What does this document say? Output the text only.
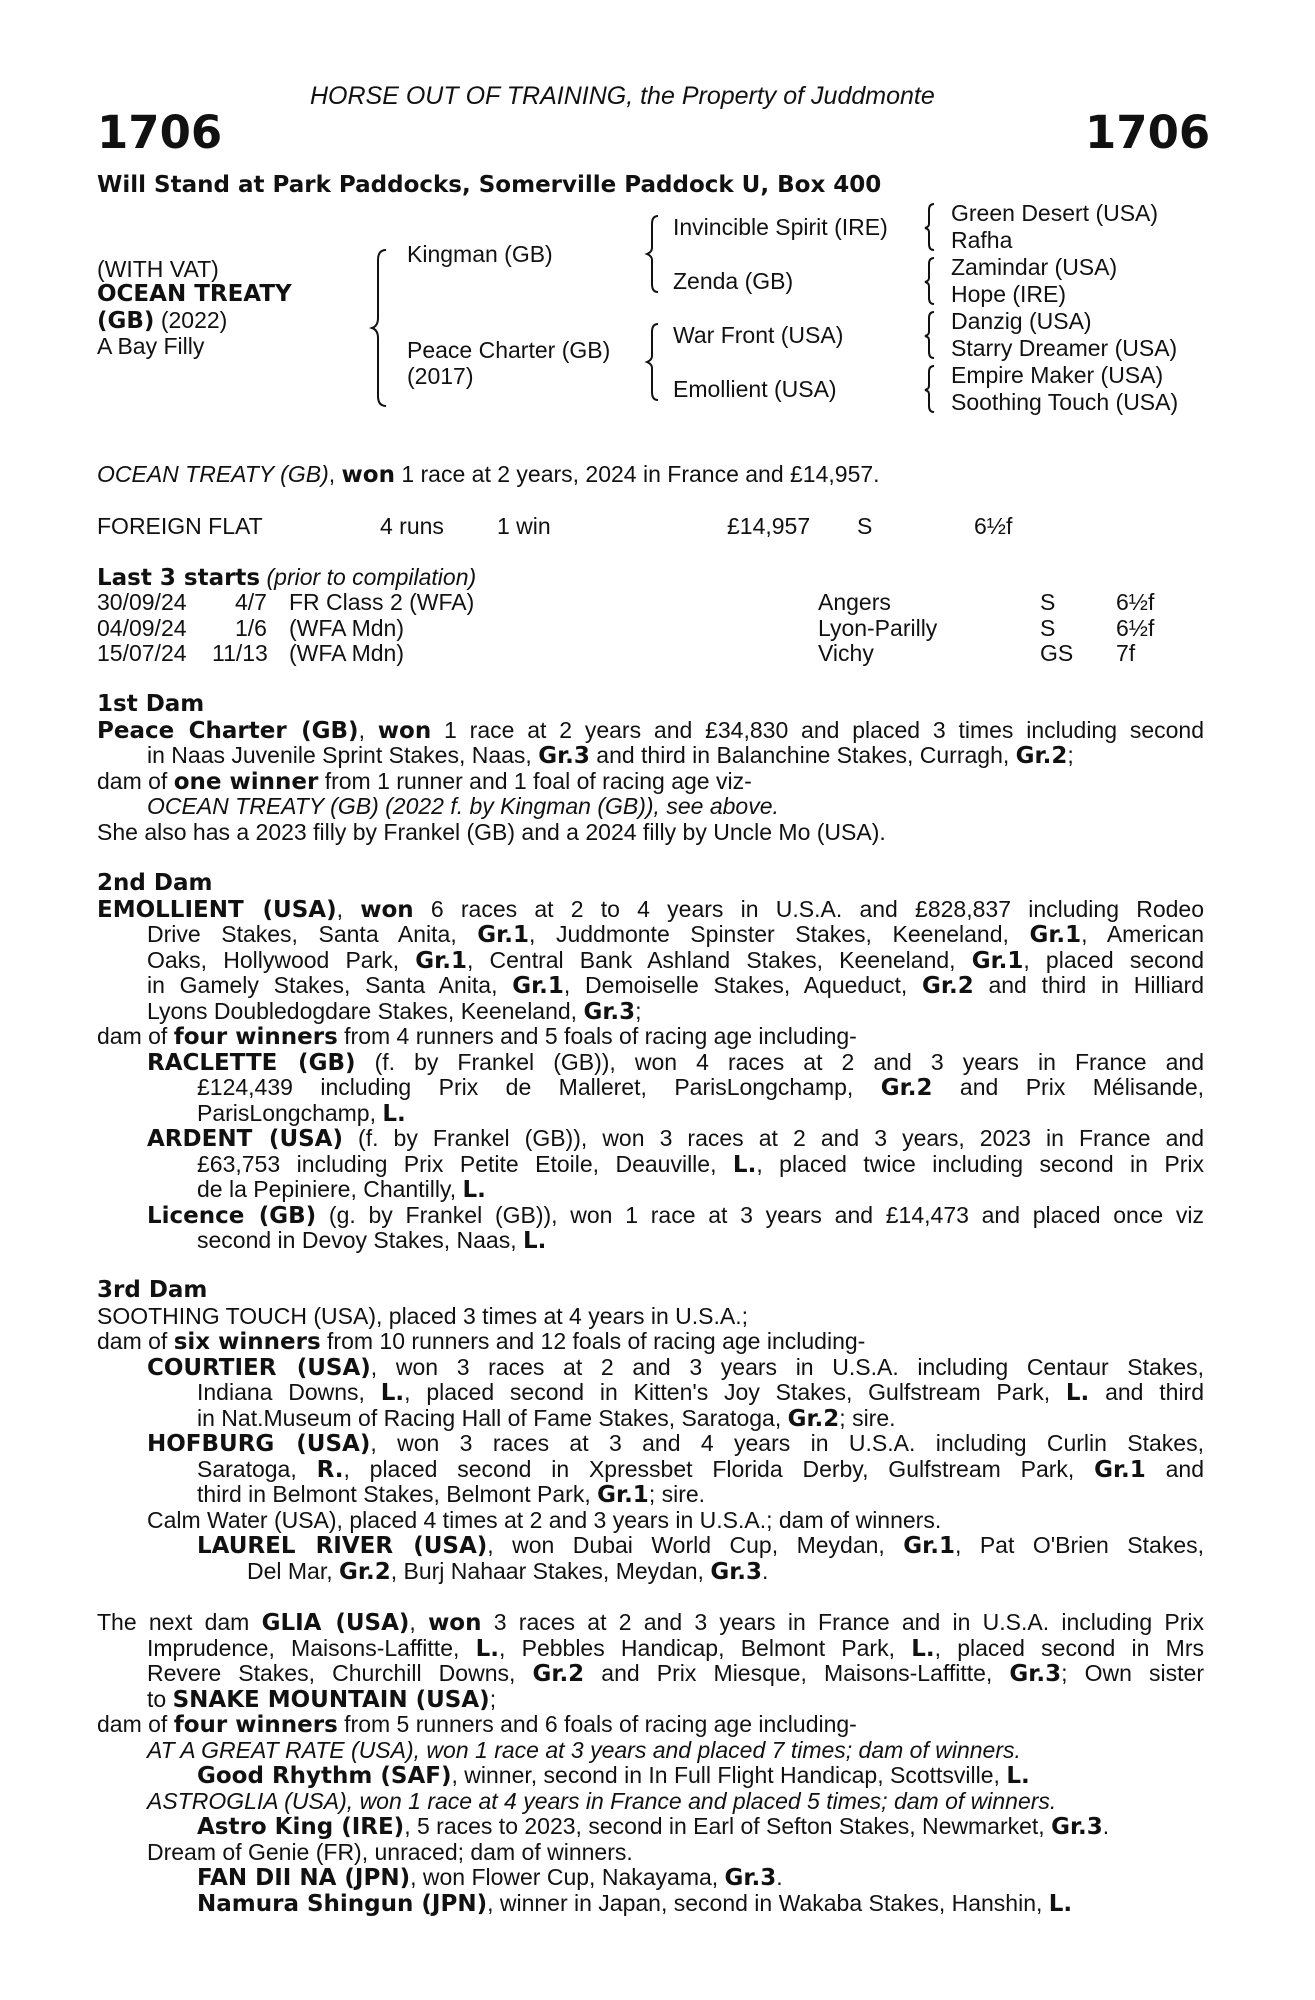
HORSE OUT OF TRAINING, the Property of Juddmonte
1706	1706
Will Stand at Park Paddocks, Somerville Paddock U, Box 400
(WITH VAT)
OCEAN TREATY
(GB) (2022)
A Bay Filly
Kingman (GB)
Peace Charter (GB)
(2017)
Invincible Spirit (IRE)
Zenda (GB)
War Front (USA)
Emollient (USA)
Green Desert (USA)
Rafha
Zamindar (USA)
Hope (IRE)
Danzig (USA)
Starry Dreamer (USA)
Empire Maker (USA)
Soothing Touch (USA)
OCEAN TREATY (GB), won 1 race at 2 years, 2024 in France and £14,957.
FOREIGN FLAT	4 runs 1 win	£14,957 S	6½f
Last 3 starts (prior to compilation)
30/09/24 4/7 FR Class 2 (WFA)	Angers	S	6½f
04/09/24 1/6 (WFA Mdn)	Lyon-Parilly	S	6½f
15/07/24 11/13 (WFA Mdn)	Vichy	GS 7f
1st Dam
Peace Charter (GB), won 1 race at 2 years and £34,830 and placed 3 times including second
in Naas Juvenile Sprint Stakes, Naas, Gr.3 and third in Balanchine Stakes, Curragh, Gr.2;
dam of one winner from 1 runner and 1 foal of racing age viz-
OCEAN TREATY (GB) (2022 f. by Kingman (GB)), see above.
She also has a 2023 filly by Frankel (GB) and a 2024 filly by Uncle Mo (USA).
2nd Dam
EMOLLIENT (USA), won 6 races at 2 to 4 years in U.S.A. and £828,837 including Rodeo
Drive Stakes, Santa Anita, Gr.1, Juddmonte Spinster Stakes, Keeneland, Gr.1, American
Oaks, Hollywood Park, Gr.1, Central Bank Ashland Stakes, Keeneland, Gr.1, placed second
in Gamely Stakes, Santa Anita, Gr.1, Demoiselle Stakes, Aqueduct, Gr.2 and third in Hilliard
Lyons Doubledogdare Stakes, Keeneland, Gr.3;
dam of four winners from 4 runners and 5 foals of racing age including-
RACLETTE (GB) (f. by Frankel (GB)), won 4 races at 2 and 3 years in France and
£124,439 including Prix de Malleret, ParisLongchamp, Gr.2 and Prix Mélisande,
ParisLongchamp, L.
ARDENT (USA) (f. by Frankel (GB)), won 3 races at 2 and 3 years, 2023 in France and
£63,753 including Prix Petite Etoile, Deauville, L., placed twice including second in Prix
de la Pepiniere, Chantilly, L.
Licence (GB) (g. by Frankel (GB)), won 1 race at 3 years and £14,473 and placed once viz
second in Devoy Stakes, Naas, L.
3rd Dam
SOOTHING TOUCH (USA), placed 3 times at 4 years in U.S.A.;
dam of six winners from 10 runners and 12 foals of racing age including-
COURTIER (USA), won 3 races at 2 and 3 years in U.S.A. including Centaur Stakes,
Indiana Downs, L., placed second in Kitten's Joy Stakes, Gulfstream Park, L. and third
in Nat.Museum of Racing Hall of Fame Stakes, Saratoga, Gr.2; sire.
HOFBURG (USA), won 3 races at 3 and 4 years in U.S.A. including Curlin Stakes,
Saratoga, R., placed second in Xpressbet Florida Derby, Gulfstream Park, Gr.1 and
third in Belmont Stakes, Belmont Park, Gr.1; sire.
Calm Water (USA), placed 4 times at 2 and 3 years in U.S.A.; dam of winners.
LAUREL RIVER (USA), won Dubai World Cup, Meydan, Gr.1, Pat O'Brien Stakes,
Del Mar, Gr.2, Burj Nahaar Stakes, Meydan, Gr.3.
The next dam GLIA (USA), won 3 races at 2 and 3 years in France and in U.S.A. including Prix
Imprudence, Maisons-Laffitte, L., Pebbles Handicap, Belmont Park, L., placed second in Mrs
Revere Stakes, Churchill Downs, Gr.2 and Prix Miesque, Maisons-Laffitte, Gr.3; Own sister
to SNAKE MOUNTAIN (USA);
dam of four winners from 5 runners and 6 foals of racing age including-
AT A GREAT RATE (USA), won 1 race at 3 years and placed 7 times; dam of winners.
Good Rhythm (SAF), winner, second in In Full Flight Handicap, Scottsville, L.
ASTROGLIA (USA), won 1 race at 4 years in France and placed 5 times; dam of winners.
Astro King (IRE), 5 races to 2023, second in Earl of Sefton Stakes, Newmarket, Gr.3.
Dream of Genie (FR), unraced; dam of winners.
FAN DII NA (JPN), won Flower Cup, Nakayama, Gr.3.
Namura Shingun (JPN), winner in Japan, second in Wakaba Stakes, Hanshin, L.
